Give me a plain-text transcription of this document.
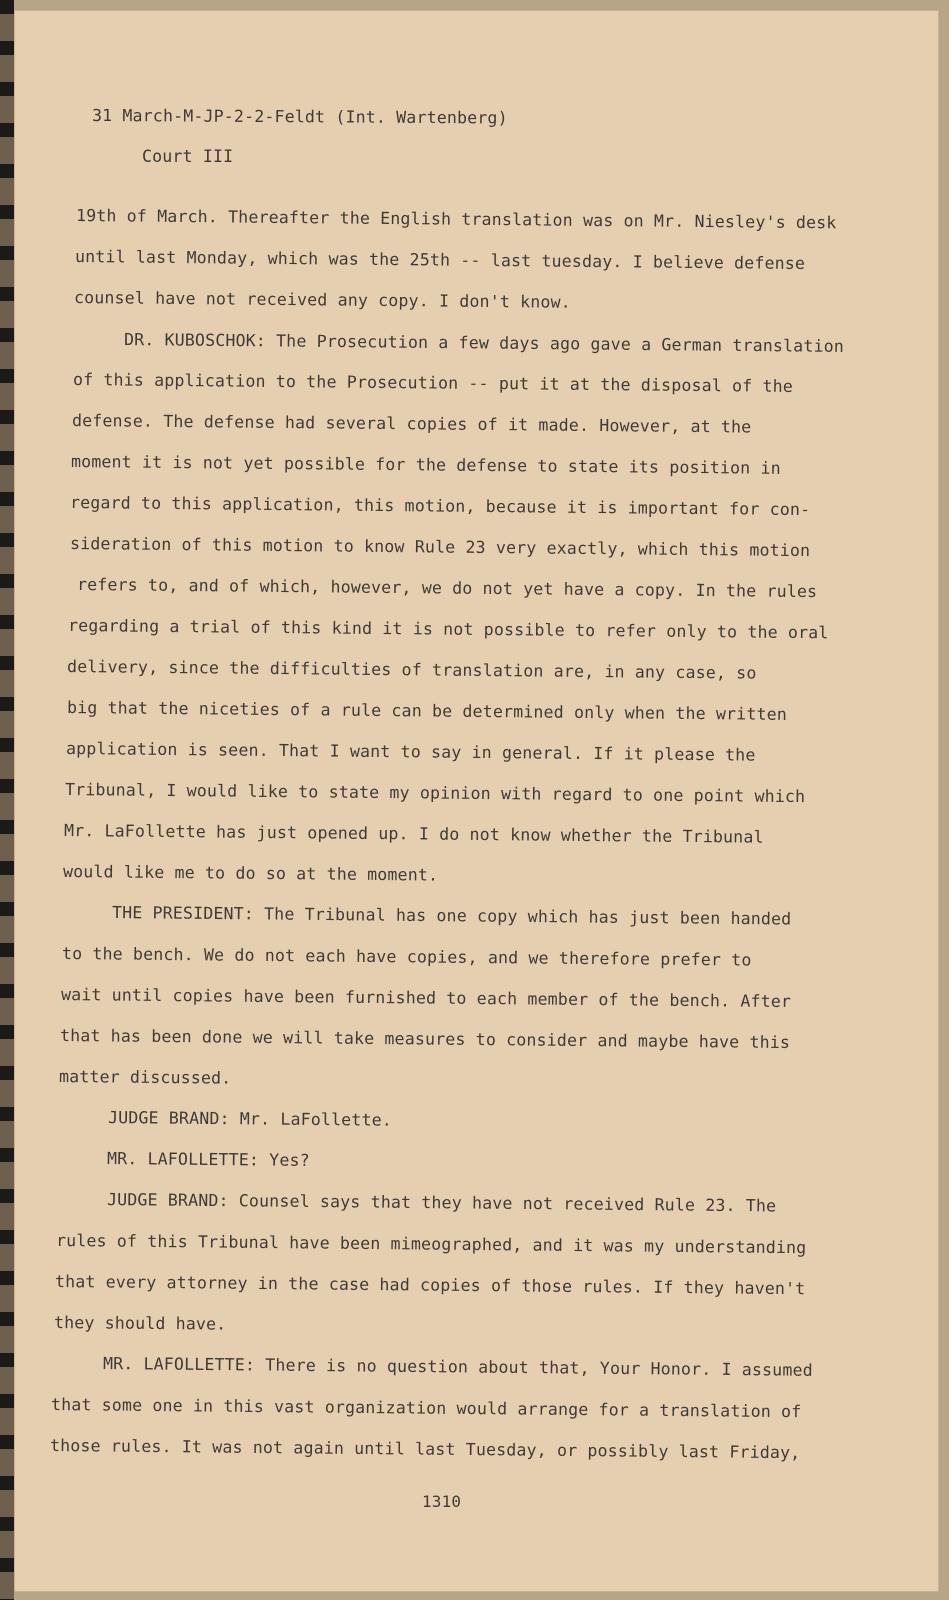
31 March-M-JP-2-2-Feldt (Int. Wartenberg)
Court III
19th of March. Thereafter the English translation was on Mr. Niesley's desk
until last Monday, which was the 25th -- last tuesday. I believe defense
counsel have not received any copy. I don't know.
DR. KUBOSCHOK: The Prosecution a few days ago gave a German translation
of this application to the Prosecution -- put it at the disposal of the
defense. The defense had several copies of it made. However, at the
moment it is not yet possible for the defense to state its position in
regard to this application, this motion, because it is important for con-
sideration of this motion to know Rule 23 very exactly, which this motion
refers to, and of which, however, we do not yet have a copy. In the rules
regarding a trial of this kind it is not possible to refer only to the oral
delivery, since the difficulties of translation are, in any case, so
big that the niceties of a rule can be determined only when the written
application is seen. That I want to say in general. If it please the
Tribunal, I would like to state my opinion with regard to one point which
Mr. LaFollette has just opened up. I do not know whether the Tribunal
would like me to do so at the moment.
THE PRESIDENT: The Tribunal has one copy which has just been handed
to the bench. We do not each have copies, and we therefore prefer to
wait until copies have been furnished to each member of the bench. After
that has been done we will take measures to consider and maybe have this
matter discussed.
JUDGE BRAND: Mr. LaFollette.
MR. LAFOLLETTE: Yes?
JUDGE BRAND: Counsel says that they have not received Rule 23. The
rules of this Tribunal have been mimeographed, and it was my understanding
that every attorney in the case had copies of those rules. If they haven't
they should have.
MR. LAFOLLETTE: There is no question about that, Your Honor. I assumed
that some one in this vast organization would arrange for a translation of
those rules. It was not again until last Tuesday, or possibly last Friday,
1310
